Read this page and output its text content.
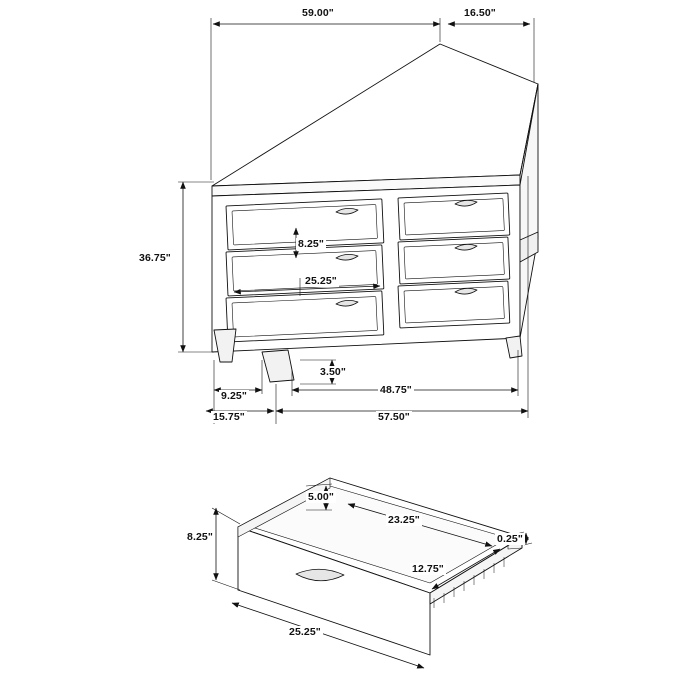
59.00"	16.50"
36.75"
8.25"
25.25"
3.50"
9.25"
15.75"
48.75"
57.50"
5.00"
23.25"
8.25"	0.25"
12.75"
25.25"
